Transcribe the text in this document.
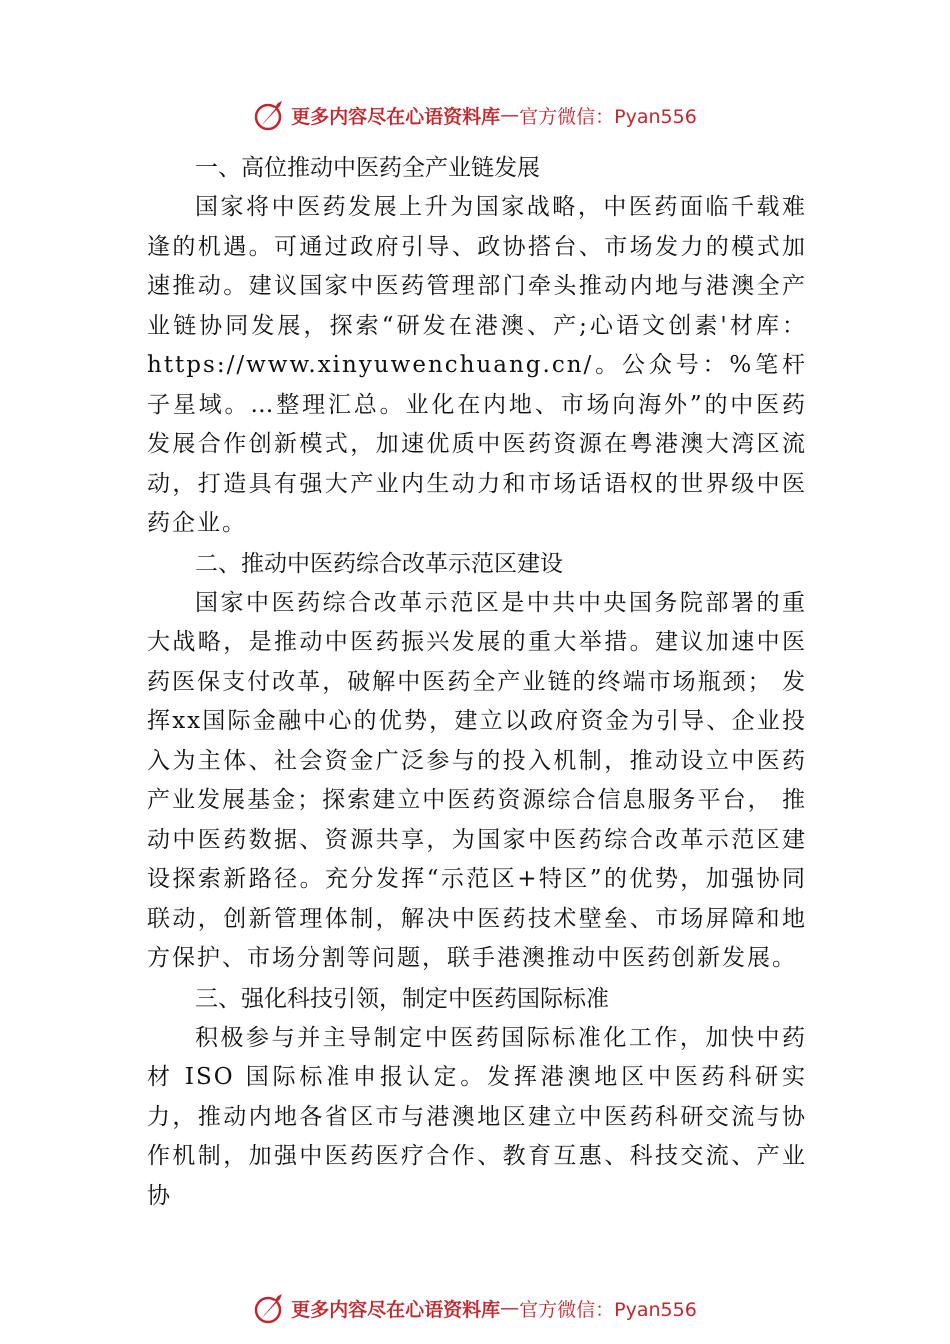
更多内容尽在心语资料库 — 官方微信：Pyan556
一、高位推动中医药全产业链发展

国家将中医药发展上升为国家战略，中医药面临千载难逢的机遇。可通过政府引导、政协搭台、市场发力的模式加速推动。建议国家中医药管理部门牵头推动内地与港澳全产业链协同发展，探索“研发在港澳、产;心语文创素'材库：https://www.xinyuwenchuang.cn/。公众号：%笔杆子星域。…整理汇总。业化在内地、市场向海外”的中医药发展合作创新模式，加速优质中医药资源在粤港澳大湾区流动，打造具有强大产业内生动力和市场话语权的世界级中医药企业。

二、推动中医药综合改革示范区建设

国家中医药综合改革示范区是中共中央国务院部署的重大战略，是推动中医药振兴发展的重大举措。建议加速中医药医保支付改革，破解中医药全产业链的终端市场瓶颈； 发挥xx国际金融中心的优势，建立以政府资金为引导、企业投入为主体、社会资金广泛参与的投入机制，推动设立中医药产业发展基金；探索建立中医药资源综合信息服务平台， 推动中医药数据、资源共享，为国家中医药综合改革示范区建设探索新路径。充分发挥“示范区+特区”的优势，加强协同联动，创新管理体制，解决中医药技术壁垒、市场屏障和地方保护、市场分割等问题，联手港澳推动中医药创新发展。

三、强化科技引领，制定中医药国际标准

积极参与并主导制定中医药国际标准化工作，加快中药材 ISO 国际标准申报认定。发挥港澳地区中医药科研实力，推动内地各省区市与港澳地区建立中医药科研交流与协作机制，加强中医药医疗合作、教育互惠、科技交流、产业协

更多内容尽在心语资料库 — 官方微信：Pyan556
